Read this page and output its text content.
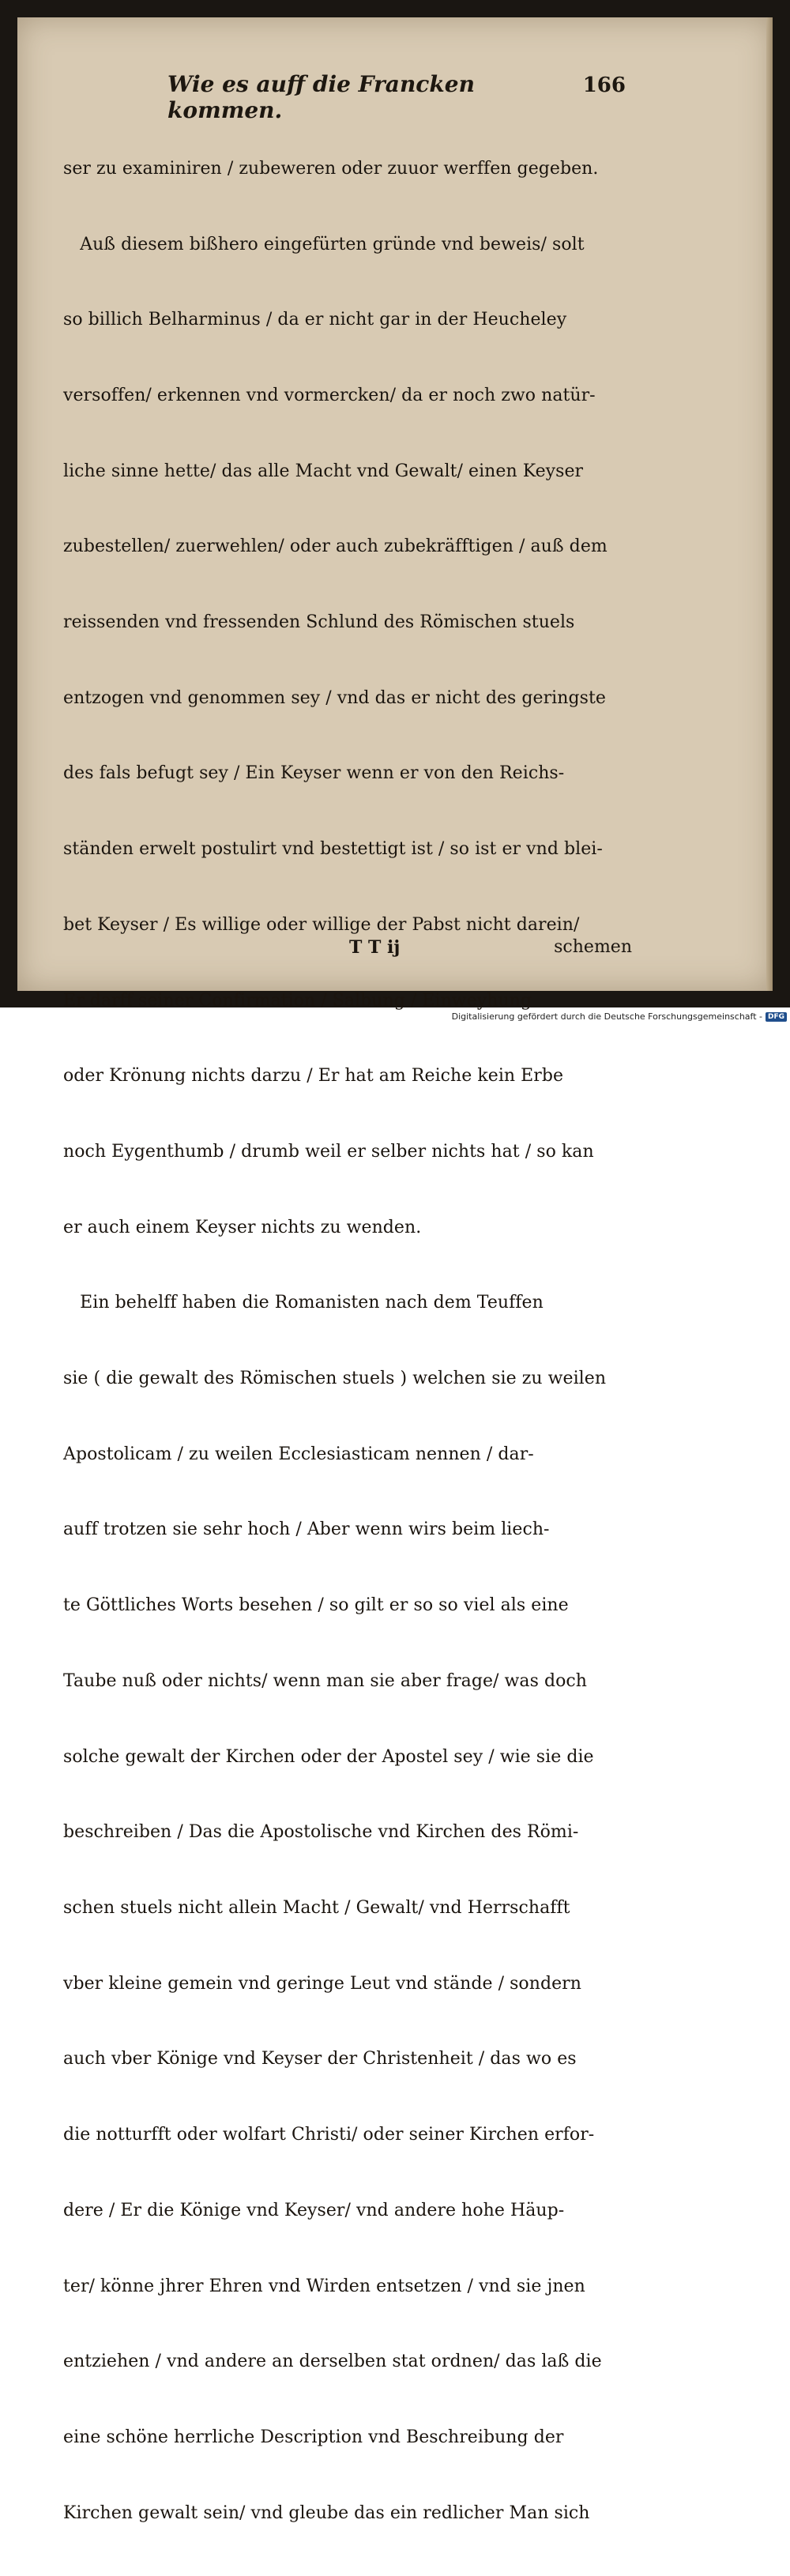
Wie es auff die Francken kommen.
166

ser zu examiniren / zubeweren oder zuuor werffen gegeben.

Auß diesem bißhero eingefürten gründe vnd beweis/ solt

so billich Belharminus / da er nicht gar in der Heucheley

versoffen/ erkennen vnd vormercken/ da er noch zwo natür-

liche sinne hette/ das alle Macht vnd Gewalt/ einen Keyser

zubestellen/ zuerwehlen/ oder auch zubekräfftigen / auß dem

reissenden vnd fressenden Schlund des Römischen stuels

entzogen vnd genommen sey / vnd das er nicht des geringste

des fals befugt sey / Ein Keyser wenn er von den Reichs-

ständen erwelt postulirt vnd bestettigt ist / so ist er vnd blei-

bet Keyser / Es willige oder willige der Pabst nicht darein/

Er darff seiner Confirmation / Salbung / Einweyhung

oder Krönung nichts darzu / Er hat am Reiche kein Erbe

noch Eygenthumb / drumb weil er selber nichts hat / so kan

er auch einem Keyser nichts zu wenden.

Ein behelff haben die Romanisten nach dem Teuffen

sie ( die gewalt des Römischen stuels ) welchen sie zu weilen

Apostolicam / zu weilen Ecclesiasticam nennen / dar-

auff trotzen sie sehr hoch / Aber wenn wirs beim liech-

te Göttliches Worts besehen / so gilt er so so viel als eine

Taube nuß oder nichts/ wenn man sie aber frage/ was doch

solche gewalt der Kirchen oder der Apostel sey / wie sie die

beschreiben / Das die Apostolische vnd Kirchen des Römi-

schen stuels nicht allein Macht / Gewalt/ vnd Herrschafft

vber kleine gemein vnd geringe Leut vnd stände / sondern

auch vber Könige vnd Keyser der Christenheit / das wo es

die notturfft oder wolfart Christi/ oder seiner Kirchen erfor-

dere / Er die Könige vnd Keyser/ vnd andere hohe Häup-

ter/ könne jhrer Ehren vnd Wirden entsetzen / vnd sie jnen

entziehen / vnd andere an derselben stat ordnen/ das laß die

eine schöne herrliche Description vnd Beschreibung der

Kirchen gewalt sein/ vnd gleube das ein redlicher Man sich

T T ij	schemen
Digitalisierung gefördert durch die Deutsche Forschungsgemeinschaft - DFG
